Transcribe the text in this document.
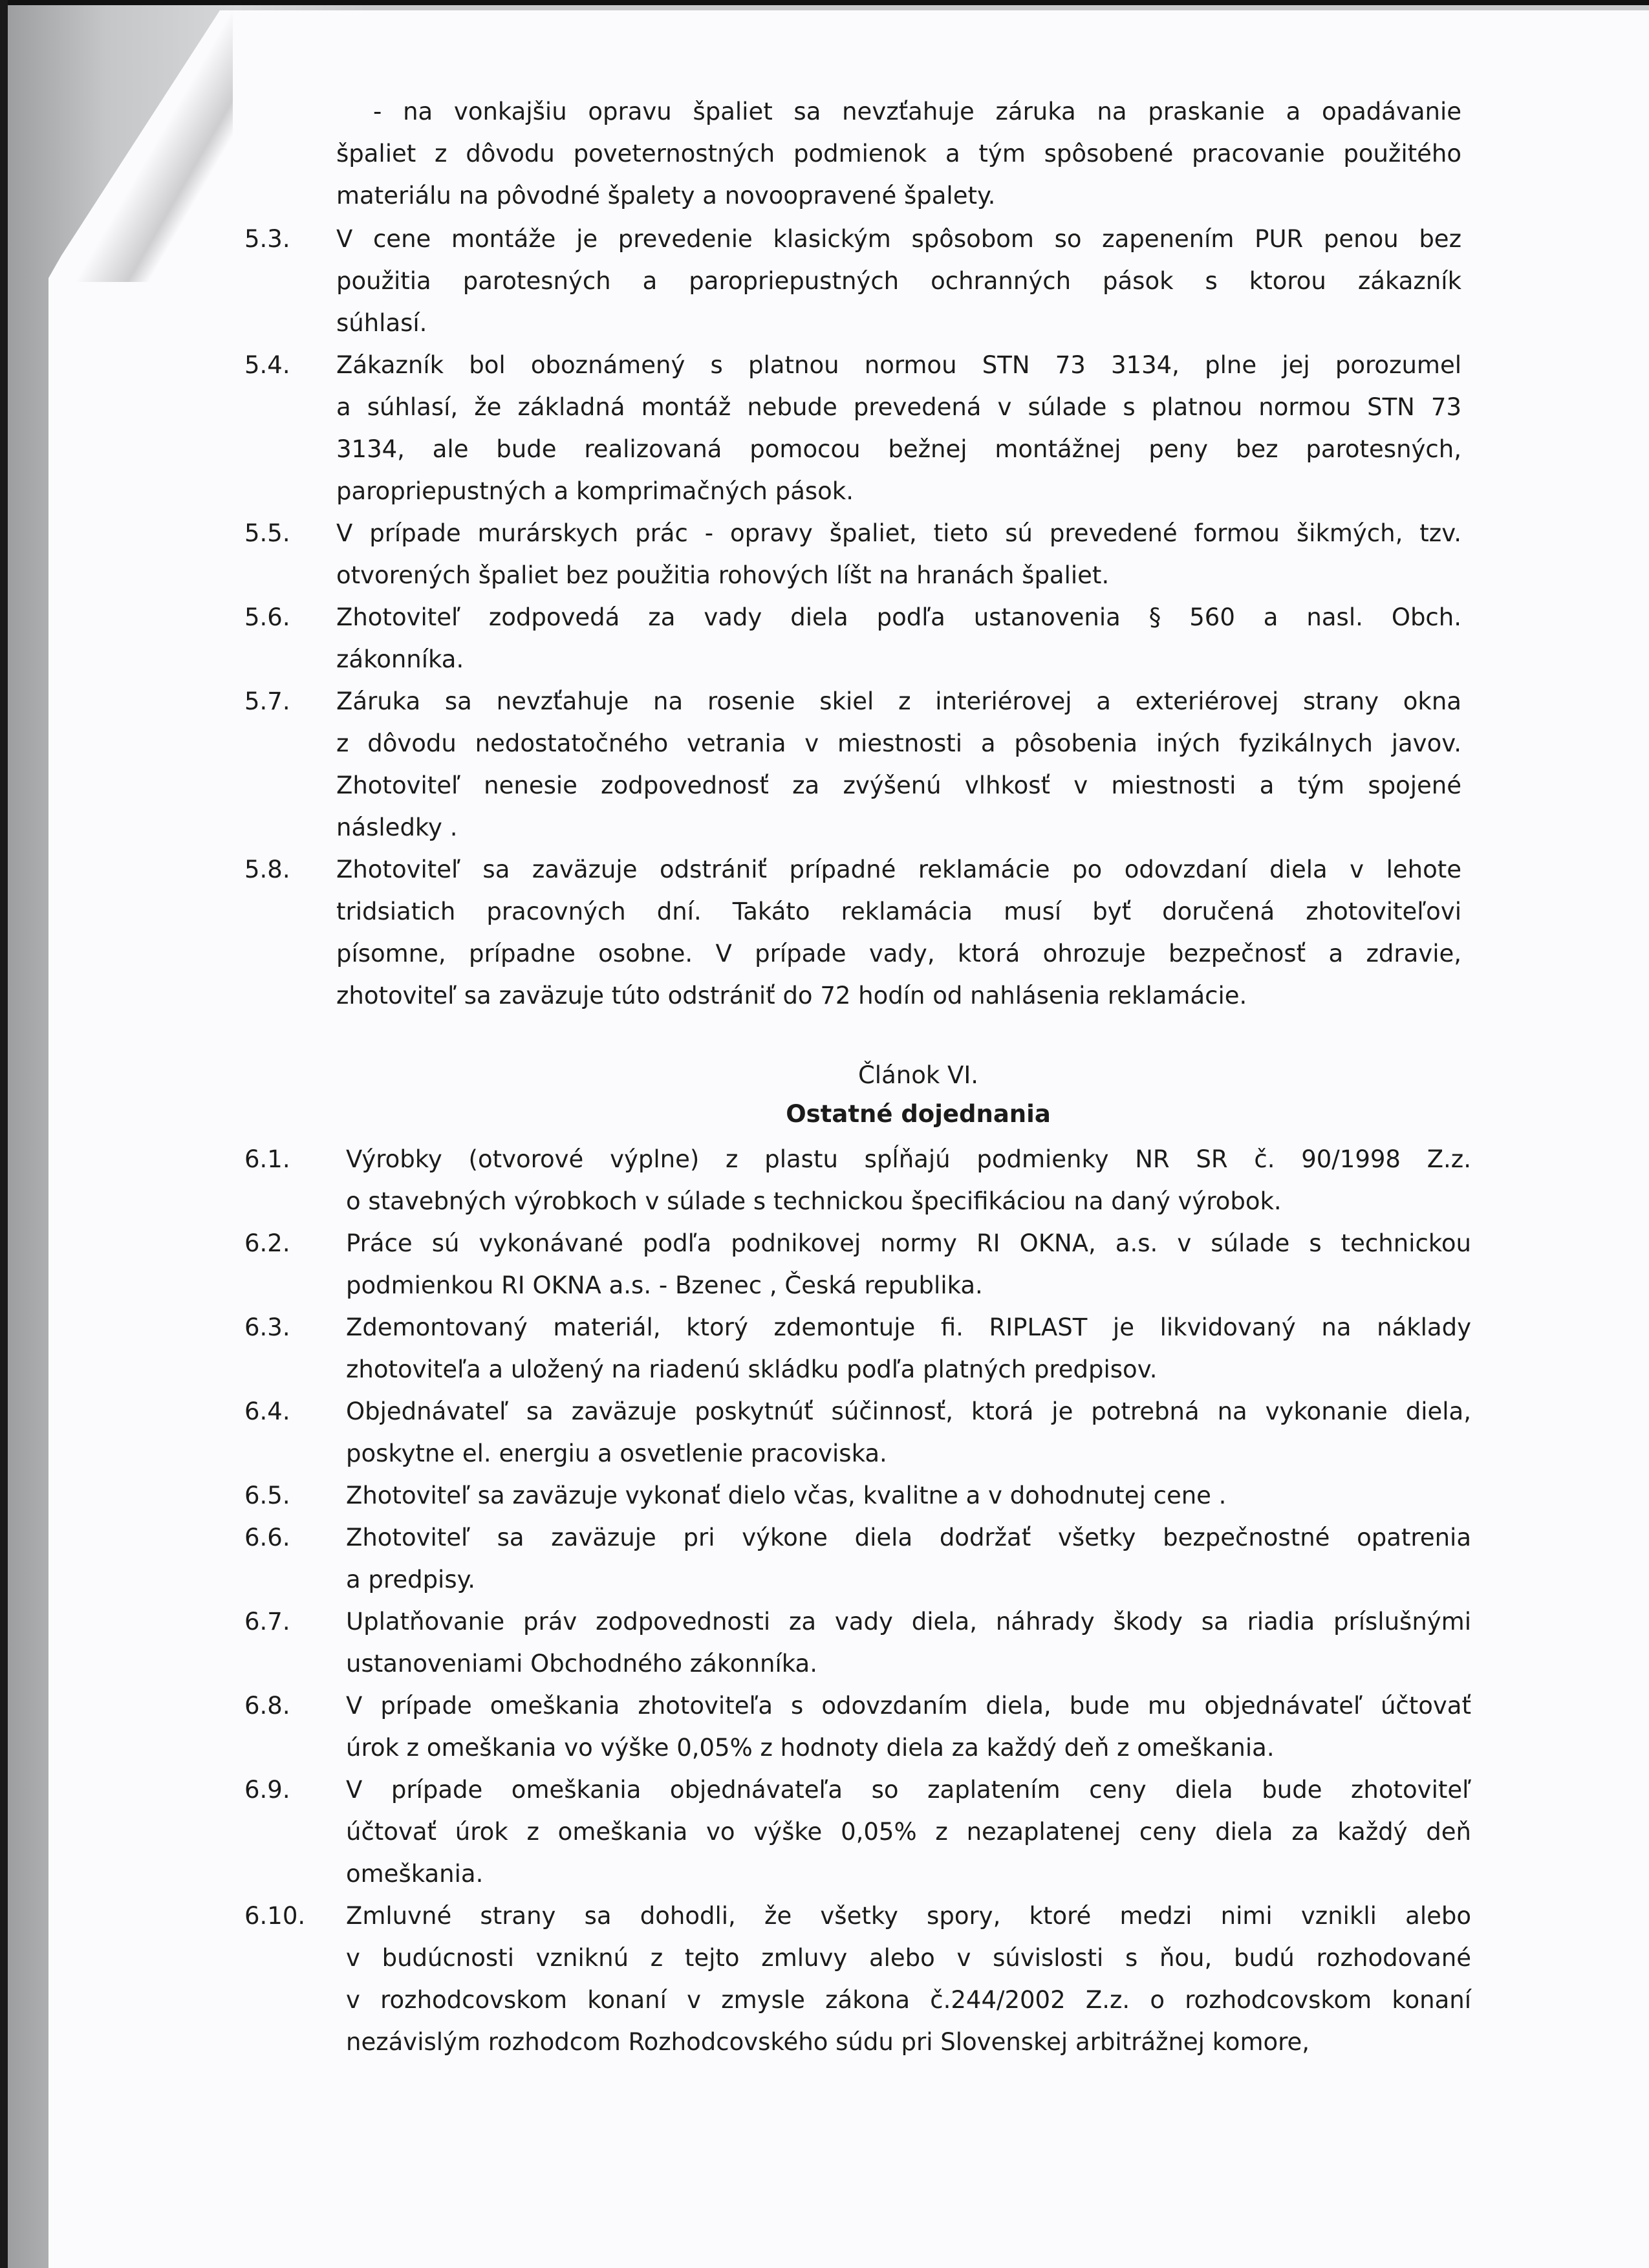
- na vonkajšiu opravu špaliet sa nevzťahuje záruka na praskanie a opadávanie
špaliet z dôvodu poveternostných podmienok a tým spôsobené pracovanie použitého
materiálu na pôvodné špalety a novoopravené špalety.
Článok VI.
Ostatné dojednania
5.3. V cene montáže je prevedenie klasickým spôsobom so zapenením PUR penou bez
použitia parotesných a paropriepustných ochranných pások s ktorou zákazník
súhlasí.
5.4. Zákazník bol oboznámený s platnou normou STN 73 3134, plne jej porozumel
a súhlasí, že základná montáž nebude prevedená v súlade s platnou normou STN 73
3134, ale bude realizovaná pomocou bežnej montážnej peny bez parotesných,
paropriepustných a komprimačných pások.
5.5. V prípade murárskych prác - opravy špaliet, tieto sú prevedené formou šikmých, tzv.
otvorených špaliet bez použitia rohových líšt na hranách špaliet.
5.6. Zhotoviteľ zodpovedá za vady diela podľa ustanovenia § 560 a nasl. Obch.
zákonníka.
5.7. Záruka sa nevzťahuje na rosenie skiel z interiérovej a exteriérovej strany okna
z dôvodu nedostatočného vetrania v miestnosti a pôsobenia iných fyzikálnych javov.
Zhotoviteľ nenesie zodpovednosť za zvýšenú vlhkosť v miestnosti a tým spojené
následky .
5.8. Zhotoviteľ sa zaväzuje odstrániť prípadné reklamácie po odovzdaní diela v lehote
tridsiatich pracovných dní. Takáto reklamácia musí byť doručená zhotoviteľovi
písomne, prípadne osobne. V prípade vady, ktorá ohrozuje bezpečnosť a zdravie,
zhotoviteľ sa zaväzuje túto odstrániť do 72 hodín od nahlásenia reklamácie.
6.1. Výrobky (otvorové výplne) z plastu spĺňajú podmienky NR SR č. 90/1998 Z.z.
o stavebných výrobkoch v súlade s technickou špecifikáciou na daný výrobok.
6.2. Práce sú vykonávané podľa podnikovej normy RI OKNA, a.s. v súlade s technickou
podmienkou RI OKNA a.s. - Bzenec , Česká republika.
6.3. Zdemontovaný materiál, ktorý zdemontuje fi. RIPLAST je likvidovaný na náklady
zhotoviteľa a uložený na riadenú skládku podľa platných predpisov.
6.4. Objednávateľ sa zaväzuje poskytnúť súčinnosť, ktorá je potrebná na vykonanie diela,
poskytne el. energiu a osvetlenie pracoviska.
6.5. Zhotoviteľ sa zaväzuje vykonať dielo včas, kvalitne a v dohodnutej cene .
6.6. Zhotoviteľ sa zaväzuje pri výkone diela dodržať všetky bezpečnostné opatrenia
a predpisy.
6.7. Uplatňovanie práv zodpovednosti za vady diela, náhrady škody sa riadia príslušnými
ustanoveniami Obchodného zákonníka.
6.8. V prípade omeškania zhotoviteľa s odovzdaním diela, bude mu objednávateľ účtovať
úrok z omeškania vo výške 0,05% z hodnoty diela za každý deň z omeškania.
6.9. V prípade omeškania objednávateľa so zaplatením ceny diela bude zhotoviteľ
účtovať úrok z omeškania vo výške 0,05% z nezaplatenej ceny diela za každý deň
omeškania.
6.10. Zmluvné strany sa dohodli, že všetky spory, ktoré medzi nimi vznikli alebo
v budúcnosti vzniknú z tejto zmluvy alebo v súvislosti s ňou, budú rozhodované
v rozhodcovskom konaní v zmysle zákona č.244/2002 Z.z. o rozhodcovskom konaní
nezávislým rozhodcom Rozhodcovského súdu pri Slovenskej arbitrážnej komore,
